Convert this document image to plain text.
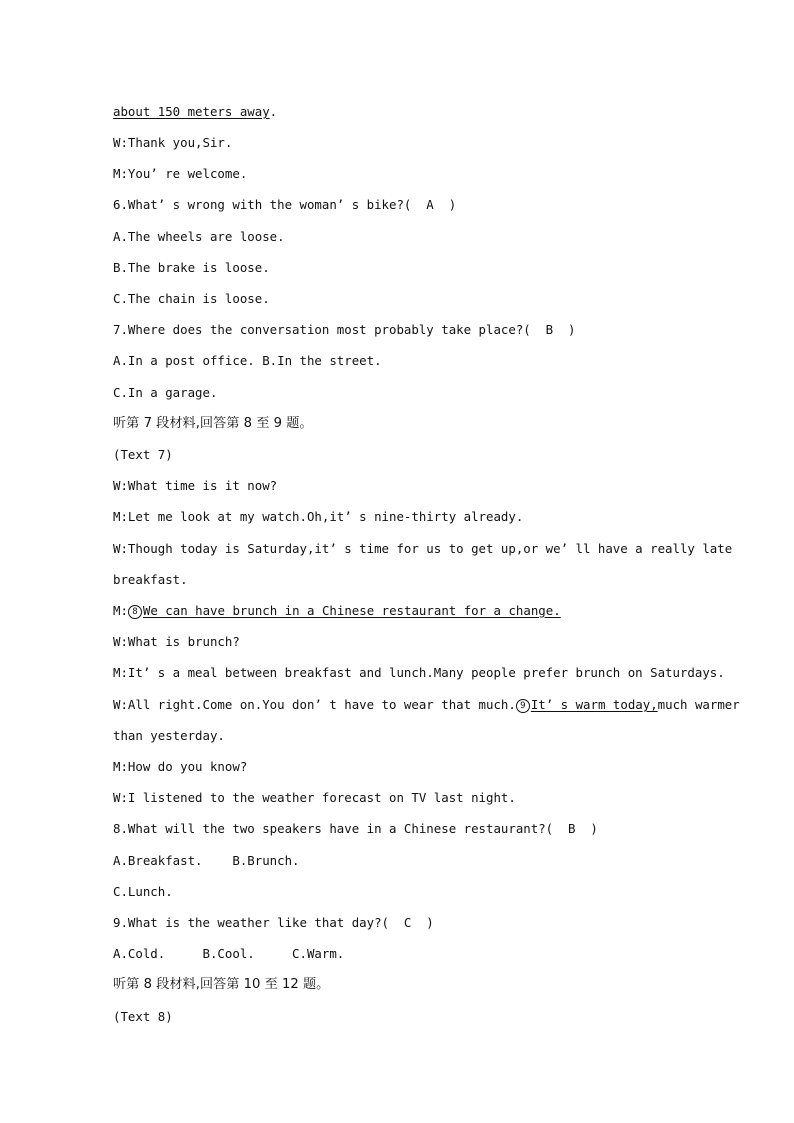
about 150 meters away.
W:Thank you,Sir.
M:You’ re welcome.
6.What’ s wrong with the woman’ s bike?(  A  )
A.The wheels are loose.
B.The brake is loose.
C.The chain is loose.
7.Where does the conversation most probably take place?(  B  )
A.In a post office. B.In the street.
C.In a garage.
听第 7 段材料,回答第 8 至 9 题。
(Text 7)
W:What time is it now?
M:Let me look at my watch.Oh,it’ s nine-thirty already.
W:Though today is Saturday,it’ s time for us to get up,or we’ ll have a really late
breakfast.
M: 8 We can have brunch in a Chinese restaurant for a change.
W:What is brunch?
M:It’ s a meal between breakfast and lunch.Many people prefer brunch on Saturdays.
W:All right.Come on.You don’ t have to wear that much. 9 It’ s warm today,much warmer
than yesterday.
M:How do you know?
W:I listened to the weather forecast on TV last night.
8.What will the two speakers have in a Chinese restaurant?(  B  )
A.Breakfast.    B.Brunch.
C.Lunch.
9.What is the weather like that day?(  C  )
A.Cold.     B.Cool.     C.Warm.
听第 8 段材料,回答第 10 至 12 题。
(Text 8)
